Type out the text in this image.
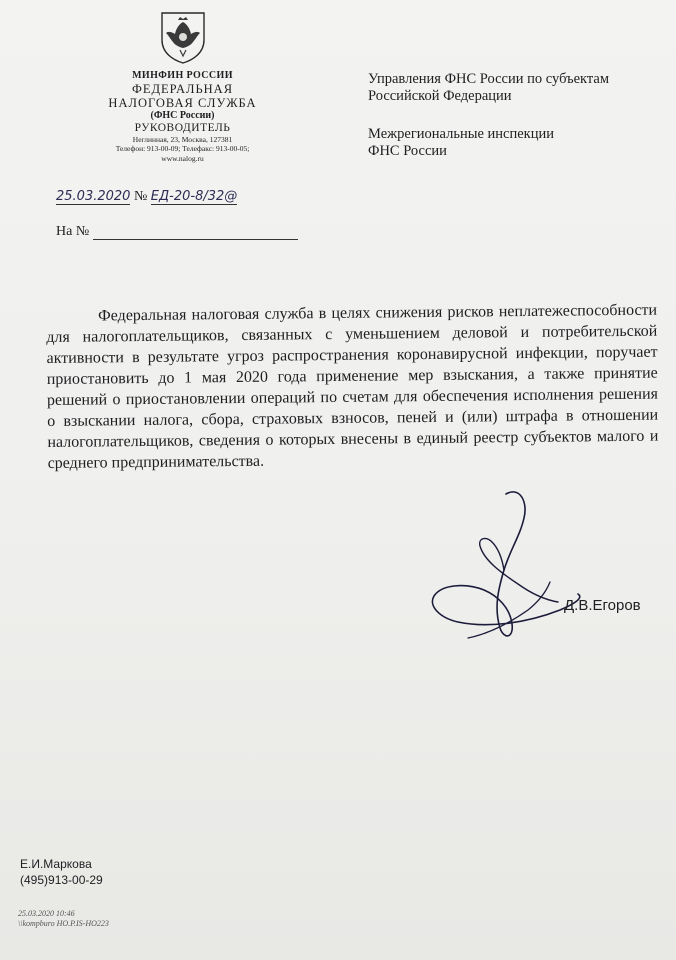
МИНФИН РОССИИ
ФЕДЕРАЛЬНАЯ
НАЛОГОВАЯ СЛУЖБА
(ФНС России)
РУКОВОДИТЕЛЬ
Неглинная, 23, Москва, 127381
Телефон: 913-00-09; Телефакс: 913-00-05;
www.nalog.ru
Управления ФНС России по субъектам
Российской Федерации
Межрегиональные инспекции
ФНС России
25.03.2020 № ЕД-20-8/32@
На №
Федеральная налоговая служба в целях снижения рисков неплатежеспособности для налогоплательщиков, связанных с уменьшением деловой и потребительской активности в результате угроз распространения коронавирусной инфекции, поручает приостановить до 1 мая 2020 года применение мер взыскания, а также принятие решений о приостановлении операций по счетам для обеспечения исполнения решения о взыскании налога, сбора, страховых взносов, пеней и (или) штрафа в отношении налогоплательщиков, сведения о которых внесены в единый реестр субъектов малого и среднего предпринимательства.
Д.В.Егоров
Е.И.Маркова
(495)913-00-29
25.03.2020 10:46
\\kompburo HO.P.IS-HO223
